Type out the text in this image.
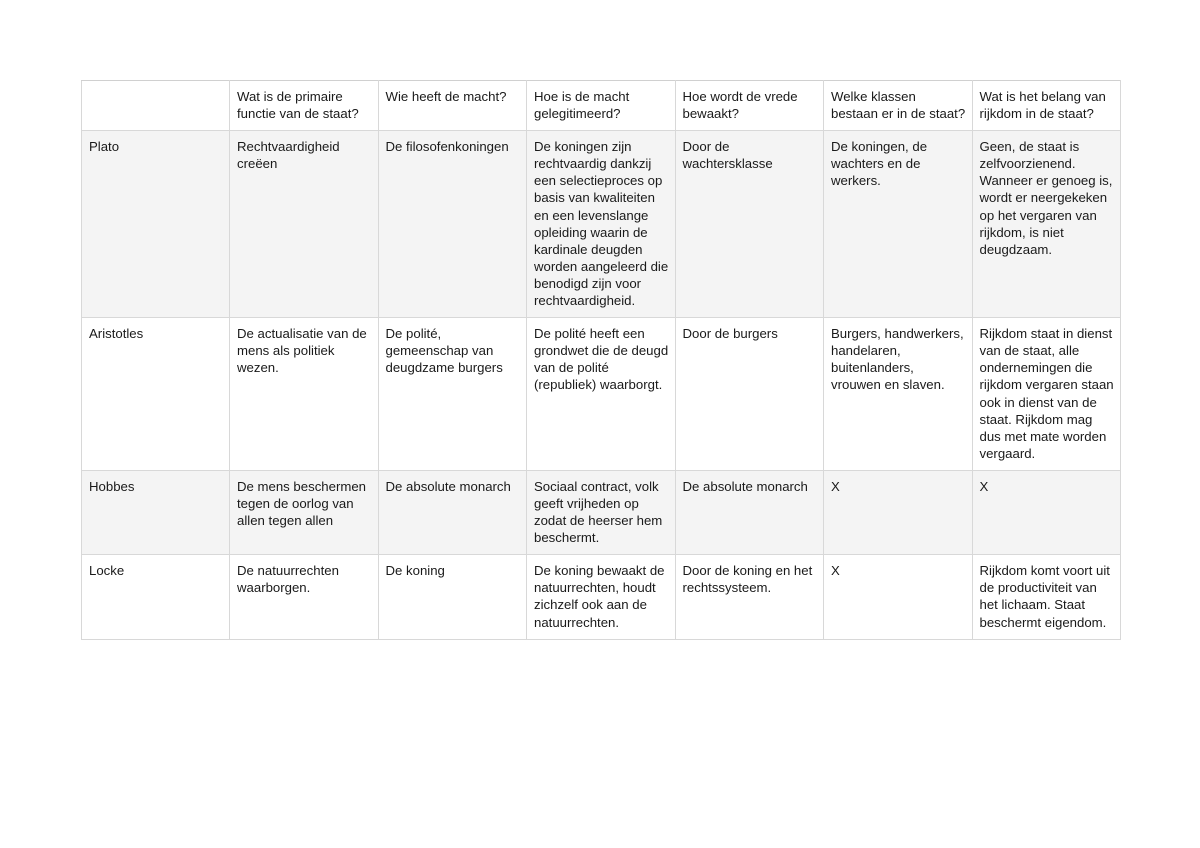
	Wat is de primaire functie van de staat?	Wie heeft de macht?	Hoe is de macht gelegitimeerd?	Hoe wordt de vrede bewaakt?	Welke klassen bestaan er in de staat?	Wat is het belang van rijkdom in de staat?
Plato	Rechtvaardigheid creëen	De filosofenkoningen	De koningen zijn rechtvaardig dankzij een selectieproces op basis van kwaliteiten en een levenslange opleiding waarin de kardinale deugden worden aangeleerd die benodigd zijn voor rechtvaardigheid.	Door de wachtersklasse	De koningen, de wachters en de werkers.	Geen, de staat is zelfvoorzienend. Wanneer er genoeg is, wordt er neergekeken op het vergaren van rijkdom, is niet deugdzaam.
Aristotles	De actualisatie van de mens als politiek wezen.	De polité, gemeenschap van deugdzame burgers	De polité heeft een grondwet die de deugd van de polité (republiek) waarborgt.	Door de burgers	Burgers, handwerkers, handelaren, buitenlanders, vrouwen en slaven.	Rijkdom staat in dienst van de staat, alle ondernemingen die rijkdom vergaren staan ook in dienst van de staat. Rijkdom mag dus met mate worden vergaard.
Hobbes	De mens beschermen tegen de oorlog van allen tegen allen	De absolute monarch	Sociaal contract, volk geeft vrijheden op zodat de heerser hem beschermt.	De absolute monarch	X	X
Locke	De natuurrechten waarborgen.	De koning	De koning bewaakt de natuurrechten, houdt zichzelf ook aan de natuurrechten.	Door de koning en het rechtssysteem.	X	Rijkdom komt voort uit de productiviteit van het lichaam. Staat beschermt eigendom.
